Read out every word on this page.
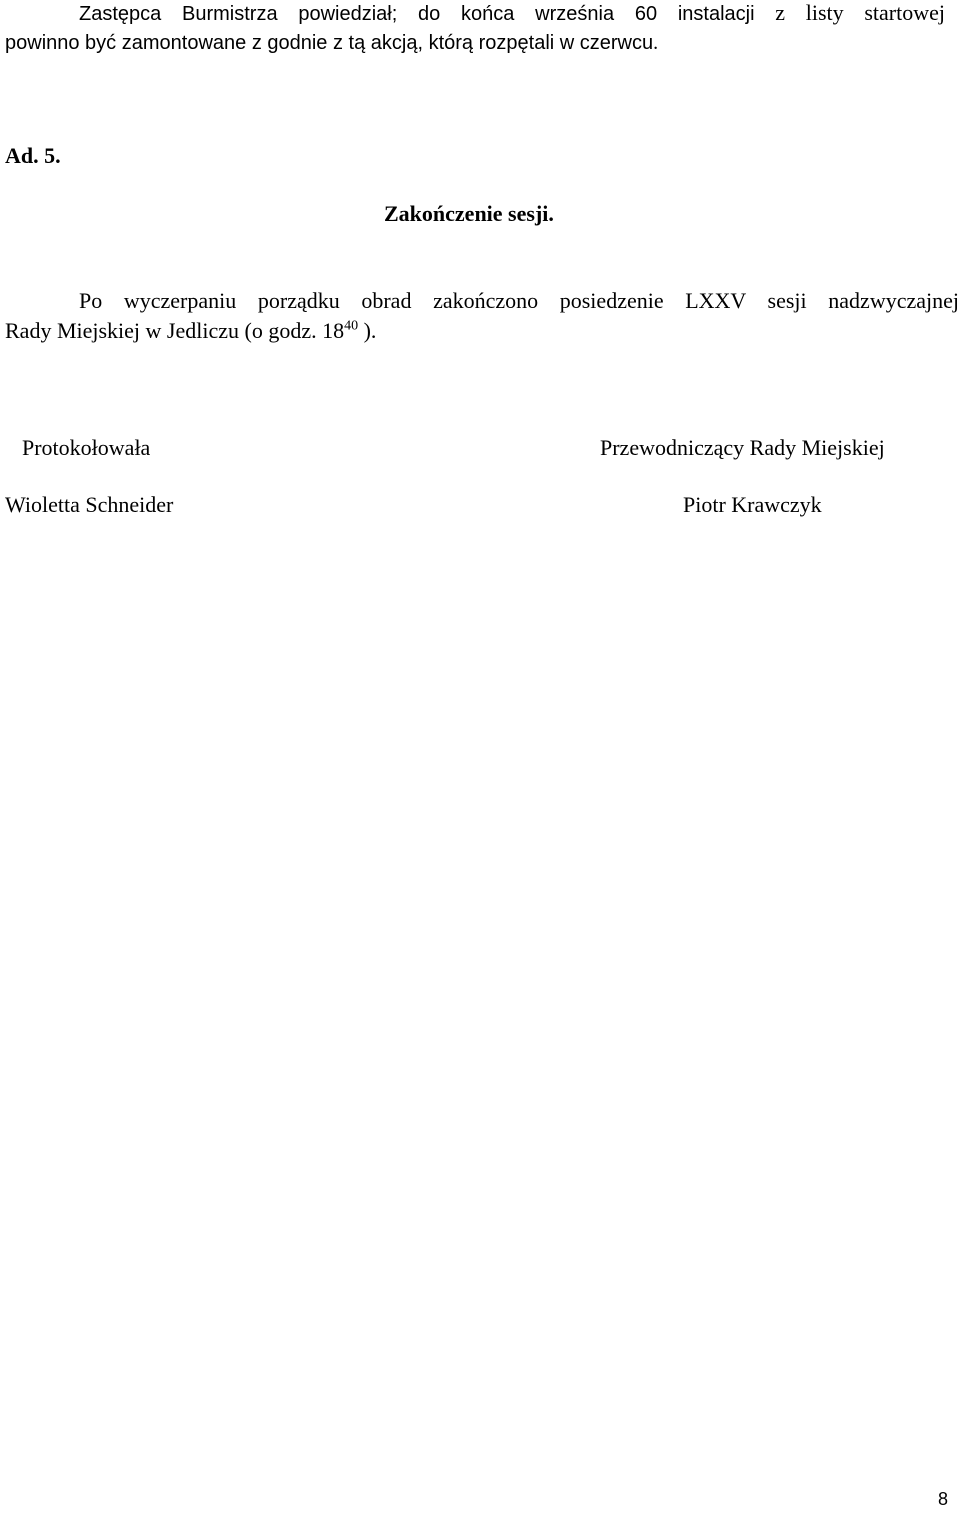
Zastępca Burmistrza powiedział; do końca września 60 instalacji z listy startowej
powinno być zamontowane z godnie z tą akcją, którą rozpętali w czerwcu.
Ad. 5.
Zakończenie sesji.
Po wyczerpaniu porządku obrad zakończono posiedzenie LXXV sesji nadzwyczajnej
Rady Miejskiej w Jedliczu (o godz. $18^{40}$ ).
Protokołowała
Wioletta Schneider
Przewodniczący Rady Miejskiej
Piotr Krawczyk
8
